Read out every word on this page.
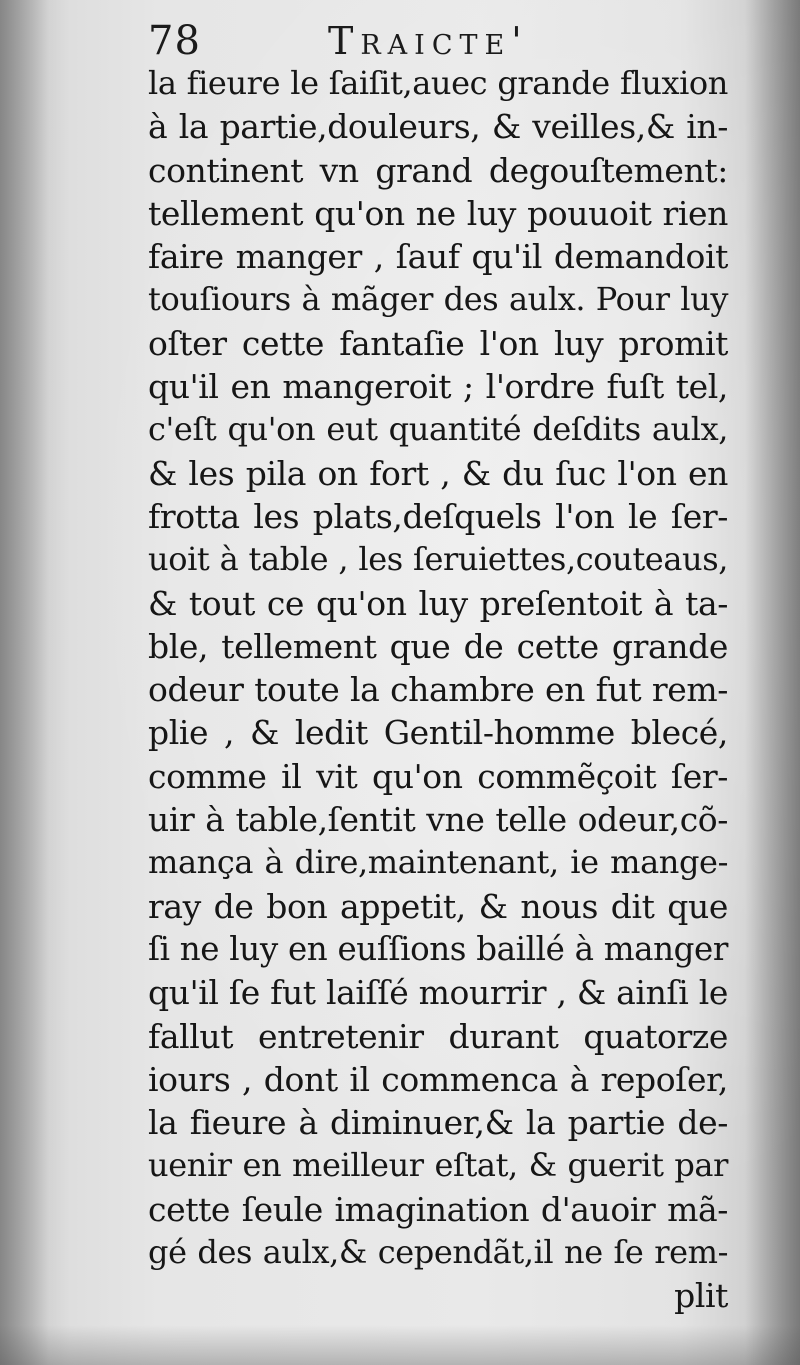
78	Traicte'
la fieure le ſaiſit,auec grande fluxion
à la partie,douleurs, & veilles,& in-
continent vn grand degouſtement:
tellement qu'on ne luy pouuoit rien
faire manger , ſauf qu'il demandoit
touſiours à mãger des aulx. Pour luy
oſter cette fantaſie l'on luy promit
qu'il en mangeroit ; l'ordre fuſt tel,
c'eſt qu'on eut quantité deſdits aulx,
& les pila on fort , & du ſuc l'on en
frotta les plats,deſquels l'on le ſer-
uoit à table , les ſeruiettes,couteaus,
& tout ce qu'on luy preſentoit à ta-
ble, tellement que de cette grande
odeur toute la chambre en fut rem-
plie , & ledit Gentil-homme blecé,
comme il vit qu'on commẽçoit ſer-
uir à table,ſentit vne telle odeur,cõ-
mança à dire,maintenant, ie mange-
ray de bon appetit, & nous dit que
ſi ne luy en euſſions baillé à manger
qu'il ſe fut laiſſé mourrir , & ainſi le
fallut entretenir durant quatorze
iours , dont il commenca à repoſer,
la fieure à diminuer,& la partie de-
uenir en meilleur eſtat, & guerit par
cette ſeule imagination d'auoir mã-
gé des aulx,& cependãt,il ne ſe rem-
plit
